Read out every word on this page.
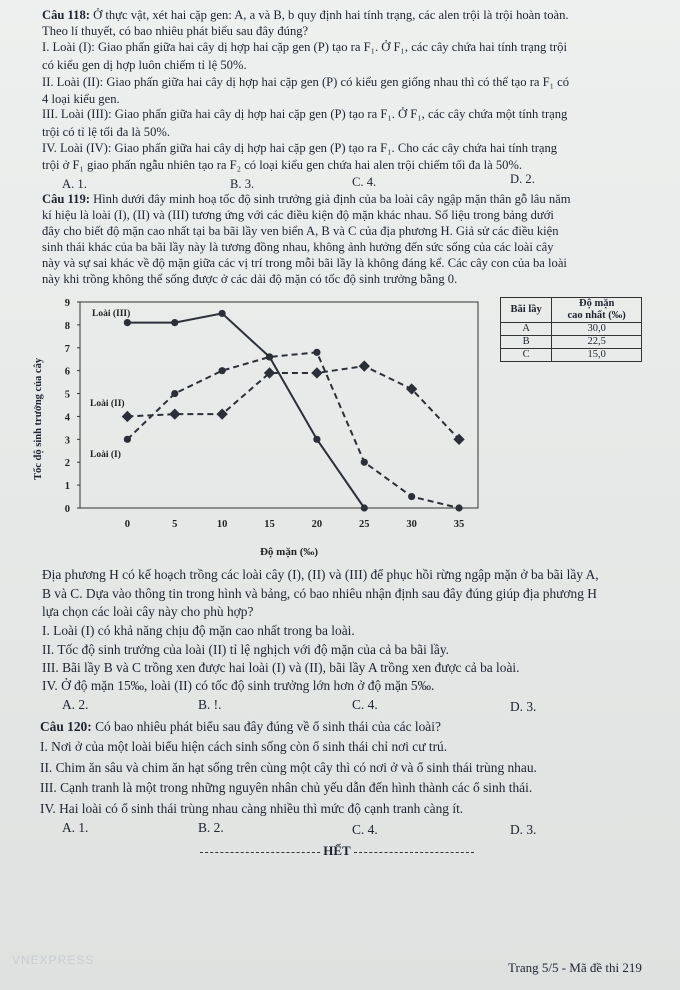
Câu 118: Ở thực vật, xét hai cặp gen: A, a và B, b quy định hai tính trạng, các alen trội là trội hoàn toàn.
Theo lí thuyết, có bao nhiêu phát biểu sau đây đúng?
I. Loài (I): Giao phấn giữa hai cây dị hợp hai cặp gen (P) tạo ra F₁. Ở F₁, các cây chứa hai tính trạng trội
có kiểu gen dị hợp luôn chiếm tỉ lệ 50%.
II. Loài (II): Giao phấn giữa hai cây dị hợp hai cặp gen (P) có kiểu gen giống nhau thì có thể tạo ra F₁ có
4 loại kiểu gen.
III. Loài (III): Giao phấn giữa hai cây dị hợp hai cặp gen (P) tạo ra F₁. Ở F₁, các cây chứa một tính trạng
trội có tỉ lệ tối đa là 50%.
IV. Loài (IV): Giao phấn giữa hai cây dị hợp hai cặp gen (P) tạo ra F₁. Cho các cây chứa hai tính trạng
trội ở F₁ giao phấn ngẫu nhiên tạo ra F₂ có loại kiểu gen chứa hai alen trội chiếm tối đa là 50%.
A. 1.	B. 3.	C. 4.	D. 2.
Câu 119: Hình dưới đây minh hoạ tốc độ sinh trưởng giả định của ba loài cây ngập mặn thân gỗ lâu năm
kí hiệu là loài (I), (II) và (III) tương ứng với các điều kiện độ mặn khác nhau. Số liệu trong bảng dưới
đây cho biết độ mặn cao nhất tại ba bãi lầy ven biển A, B và C của địa phương H. Giả sử các điều kiện
sinh thái khác của ba bãi lầy này là tương đồng nhau, không ảnh hưởng đến sức sống của các loài cây
này và sự sai khác về độ mặn giữa các vị trí trong mỗi bãi lầy là không đáng kể. Các cây con của ba loài
này khi trồng không thể sống được ở các dải độ mặn có tốc độ sinh trưởng bằng 0.
Tốc độ sinh trưởng của cây
0
1
2
3
4
5
6
7
8
9
0	5	10	15	20	25	30	35
Độ mặn (‰)
Loài (III)
Loài (II)
Loài (I)
Bãi lầy	Độ mặn
cao nhất (‰)
A	30,0
B	22,5
C	15,0
Địa phương H có kế hoạch trồng các loài cây (I), (II) và (III) để phục hồi rừng ngập mặn ở ba bãi lầy A,
B và C. Dựa vào thông tin trong hình và bảng, có bao nhiêu nhận định sau đây đúng giúp địa phương H
lựa chọn các loài cây này cho phù hợp?
I. Loài (I) có khả năng chịu độ mặn cao nhất trong ba loài.
II. Tốc độ sinh trưởng của loài (II) tỉ lệ nghịch với độ mặn của cả ba bãi lầy.
III. Bãi lầy B và C trồng xen được hai loài (I) và (II), bãi lầy A trồng xen được cả ba loài.
IV. Ở độ mặn 15‰, loài (II) có tốc độ sinh trưởng lớn hơn ở độ mặn 5‰.
A. 2.	B. !.	C. 4.	D. 3.
Câu 120: Có bao nhiêu phát biểu sau đây đúng về ổ sinh thái của các loài?
I. Nơi ở của một loài biểu hiện cách sinh sống còn ổ sinh thái chỉ nơi cư trú.
II. Chim ăn sâu và chim ăn hạt sống trên cùng một cây thì có nơi ở và ổ sinh thái trùng nhau.
III. Cạnh tranh là một trong những nguyên nhân chủ yếu dẫn đến hình thành các ổ sinh thái.
IV. Hai loài có ổ sinh thái trùng nhau càng nhiều thì mức độ cạnh tranh càng ít.
A. 1.	B. 2.	C. 4.	D. 3.
HẾT
VNEXPRESS	Trang 5/5 - Mã đề thi 219
